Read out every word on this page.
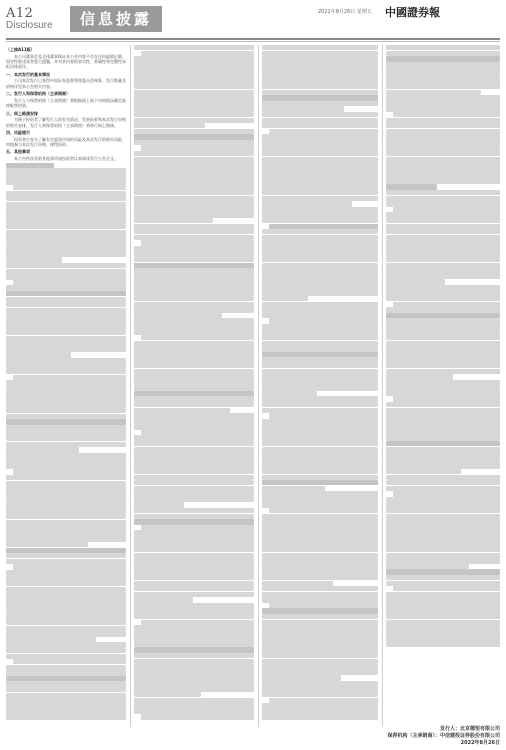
A12
Disclosure	信息披露	2022年8月26日 星期五 中國證券報

（上接A11版）

本公司董事会及全体董事保证本公告内容不存在任何虚假记载、误导性陈述或者重大遗漏，并对其内容的真实性、准确性和完整性承担法律责任。

一、本次发行的基本情况

公司本次发行已获得中国证券监督管理委员会核准，发行数量及价格详见本公告相关内容。

二、发行人和保荐机构（主承销商）

发行人与保荐机构（主承销商）将根据网上网下申购情况确定最终配售结果。

三、网上路演安排

为便于投资者了解发行人的有关情况、发展前景和本次发行申购的相关安排，发行人和保荐机构（主承销商）将举行网上路演。

四、风险提示

投资者应充分了解有关股票市场的风险及本次发行的相关风险，审慎参与本次发行申购，理性投资。

五、其他事项

本公告所涉及的其他事项请投资者认真阅读发行公告全文。

发行人：北京德恒有限公司
保荐机构（主承销商）：中信建投证券股份有限公司
2022年8月26日
